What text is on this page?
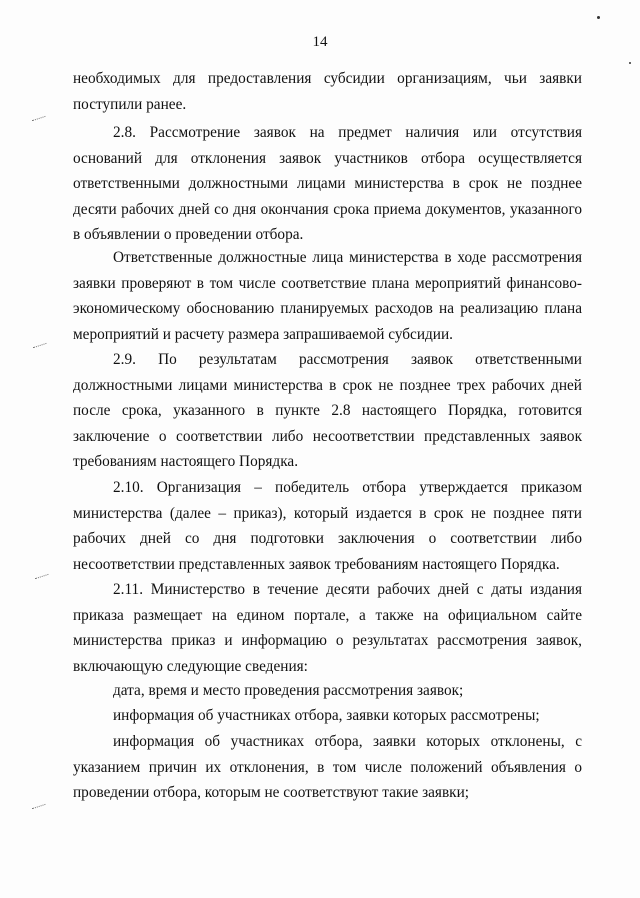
14

необходимых для предоставления субсидии организациям, чьи заявки поступили ранее.

2.8. Рассмотрение заявок на предмет наличия или отсутствия оснований для отклонения заявок участников отбора осуществляется ответственными должностными лицами министерства в срок не позднее десяти рабочих дней со дня окончания срока приема документов, указанного в объявлении о проведении отбора.

Ответственные должностные лица министерства в ходе рассмотрения заявки проверяют в том числе соответствие плана мероприятий финансово-экономическому обоснованию планируемых расходов на реализацию плана мероприятий и расчету размера запрашиваемой субсидии.

2.9. По результатам рассмотрения заявок ответственными должностными лицами министерства в срок не позднее трех рабочих дней после срока, указанного в пункте 2.8 настоящего Порядка, готовится заключение о соответствии либо несоответствии представленных заявок требованиям настоящего Порядка.

2.10. Организация – победитель отбора утверждается приказом министерства (далее – приказ), который издается в срок не позднее пяти рабочих дней со дня подготовки заключения о соответствии либо несоответствии представленных заявок требованиям настоящего Порядка.

2.11. Министерство в течение десяти рабочих дней с даты издания приказа размещает на едином портале, а также на официальном сайте министерства приказ и информацию о результатах рассмотрения заявок, включающую следующие сведения:

дата, время и место проведения рассмотрения заявок;

информация об участниках отбора, заявки которых рассмотрены;

информация об участниках отбора, заявки которых отклонены, с указанием причин их отклонения, в том числе положений объявления о проведении отбора, которым не соответствуют такие заявки;
